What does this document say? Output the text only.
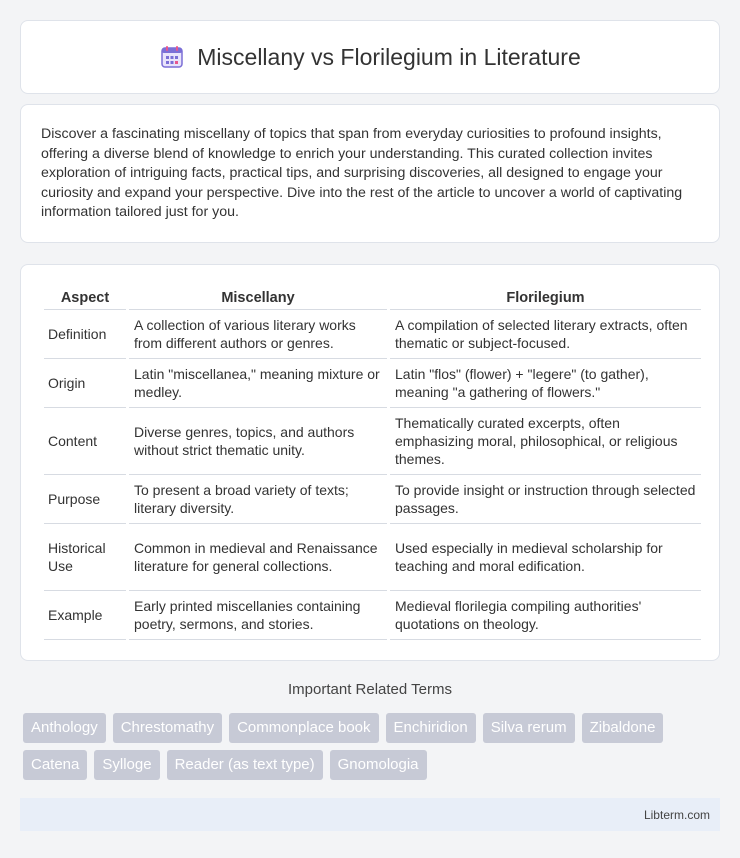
Miscellany vs Florilegium in Literature

Discover a fascinating miscellany of topics that span from everyday curiosities to profound insights, offering a diverse blend of knowledge to enrich your understanding. This curated collection invites exploration of intriguing facts, practical tips, and surprising discoveries, all designed to engage your curiosity and expand your perspective. Dive into the rest of the article to uncover a world of captivating information tailored just for you.

Aspect	Miscellany	Florilegium
Definition	A collection of various literary works from different authors or genres.	A compilation of selected literary extracts, often thematic or subject-focused.
Origin	Latin "miscellanea," meaning mixture or medley.	Latin "flos" (flower) + "legere" (to gather), meaning "a gathering of flowers."
Content	Diverse genres, topics, and authors without strict thematic unity.	Thematically curated excerpts, often emphasizing moral, philosophical, or religious themes.
Purpose	To present a broad variety of texts; literary diversity.	To provide insight or instruction through selected passages.
Historical Use	Common in medieval and Renaissance literature for general collections.	Used especially in medieval scholarship for teaching and moral edification.
Example	Early printed miscellanies containing poetry, sermons, and stories.	Medieval florilegia compiling authorities' quotations on theology.
Important Related Terms
Anthology	Chrestomathy	Commonplace book	Enchiridion	Silva rerum	Zibaldone
Catena	Sylloge	Reader (as text type)	Gnomologia
Libterm.com
